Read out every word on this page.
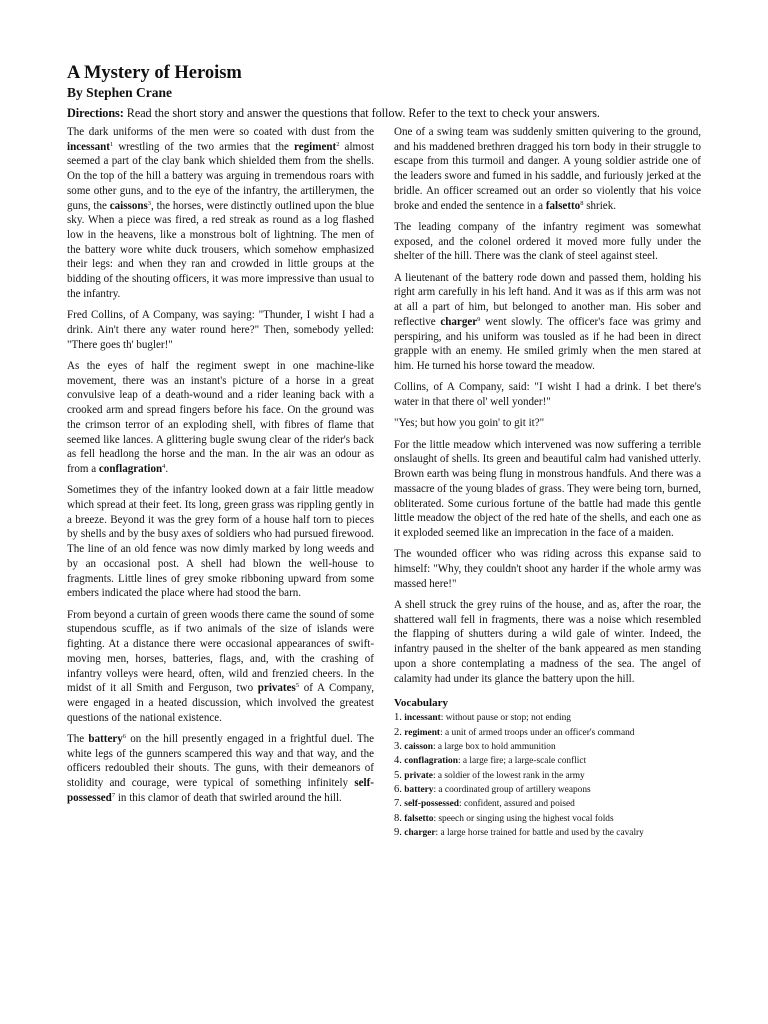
A Mystery of Heroism
By Stephen Crane

Directions: Read the short story and answer the questions that follow. Refer to the text to check your answers.

The dark uniforms of the men were so coated with dust from the incessant$^1$ wrestling of the two armies that the regiment$^2$ almost seemed a part of the clay bank which shielded them from the shells. On the top of the hill a battery was arguing in tremendous roars with some other guns, and to the eye of the infantry, the artillerymen, the guns, the caissons$^3$, the horses, were distinctly outlined upon the blue sky. When a piece was fired, a red streak as round as a log flashed low in the heavens, like a monstrous bolt of lightning. The men of the battery wore white duck trousers, which somehow emphasized their legs: and when they ran and crowded in little groups at the bidding of the shouting officers, it was more impressive than usual to the infantry.

Fred Collins, of A Company, was saying: "Thunder, I wisht I had a drink. Ain't there any water round here?" Then, somebody yelled: "There goes th' bugler!"

As the eyes of half the regiment swept in one machine-like movement, there was an instant's picture of a horse in a great convulsive leap of a death-wound and a rider leaning back with a crooked arm and spread fingers before his face. On the ground was the crimson terror of an exploding shell, with fibres of flame that seemed like lances. A glittering bugle swung clear of the rider's back as fell headlong the horse and the man. In the air was an odour as from a conflagration$^4$.

Sometimes they of the infantry looked down at a fair little meadow which spread at their feet. Its long, green grass was rippling gently in a breeze. Beyond it was the grey form of a house half torn to pieces by shells and by the busy axes of soldiers who had pursued firewood. The line of an old fence was now dimly marked by long weeds and by an occasional post. A shell had blown the well-house to fragments. Little lines of grey smoke ribboning upward from some embers indicated the place where had stood the barn.

From beyond a curtain of green woods there came the sound of some stupendous scuffle, as if two animals of the size of islands were fighting. At a distance there were occasional appearances of swift-moving men, horses, batteries, flags, and, with the crashing of infantry volleys were heard, often, wild and frenzied cheers. In the midst of it all Smith and Ferguson, two privates$^5$ of A Company, were engaged in a heated discussion, which involved the greatest questions of the national existence.

The battery$^6$ on the hill presently engaged in a frightful duel. The white legs of the gunners scampered this way and that way, and the officers redoubled their shouts. The guns, with their demeanors of stolidity and courage, were typical of something infinitely self-possessed$^7$ in this clamor of death that swirled around the hill.

One of a swing team was suddenly smitten quivering to the ground, and his maddened brethren dragged his torn body in their struggle to escape from this turmoil and danger. A young soldier astride one of the leaders swore and fumed in his saddle, and furiously jerked at the bridle. An officer screamed out an order so violently that his voice broke and ended the sentence in a falsetto$^8$ shriek.

The leading company of the infantry regiment was somewhat exposed, and the colonel ordered it moved more fully under the shelter of the hill. There was the clank of steel against steel.

A lieutenant of the battery rode down and passed them, holding his right arm carefully in his left hand. And it was as if this arm was not at all a part of him, but belonged to another man. His sober and reflective charger$^9$ went slowly. The officer's face was grimy and perspiring, and his uniform was tousled as if he had been in direct grapple with an enemy. He smiled grimly when the men stared at him. He turned his horse toward the meadow.

Collins, of A Company, said: "I wisht I had a drink. I bet there's water in that there ol' well yonder!"

"Yes; but how you goin' to git it?"

For the little meadow which intervened was now suffering a terrible onslaught of shells. Its green and beautiful calm had vanished utterly. Brown earth was being flung in monstrous handfuls. And there was a massacre of the young blades of grass. They were being torn, burned, obliterated. Some curious fortune of the battle had made this gentle little meadow the object of the red hate of the shells, and each one as it exploded seemed like an imprecation in the face of a maiden.

The wounded officer who was riding across this expanse said to himself: "Why, they couldn't shoot any harder if the whole army was massed here!"

A shell struck the grey ruins of the house, and as, after the roar, the shattered wall fell in fragments, there was a noise which resembled the flapping of shutters during a wild gale of winter. Indeed, the infantry paused in the shelter of the bank appeared as men standing upon a shore contemplating a madness of the sea. The angel of calamity had under its glance the battery upon the hill.

Vocabulary
1. incessant: without pause or stop; not ending
2. regiment: a unit of armed troops under an officer's command
3. caisson: a large box to hold ammunition
4. conflagration: a large fire; a large-scale conflict
5. private: a soldier of the lowest rank in the army
6. battery: a coordinated group of artillery weapons
7. self-possessed: confident, assured and poised
8. falsetto: speech or singing using the highest vocal folds
9. charger: a large horse trained for battle and used by the cavalry
